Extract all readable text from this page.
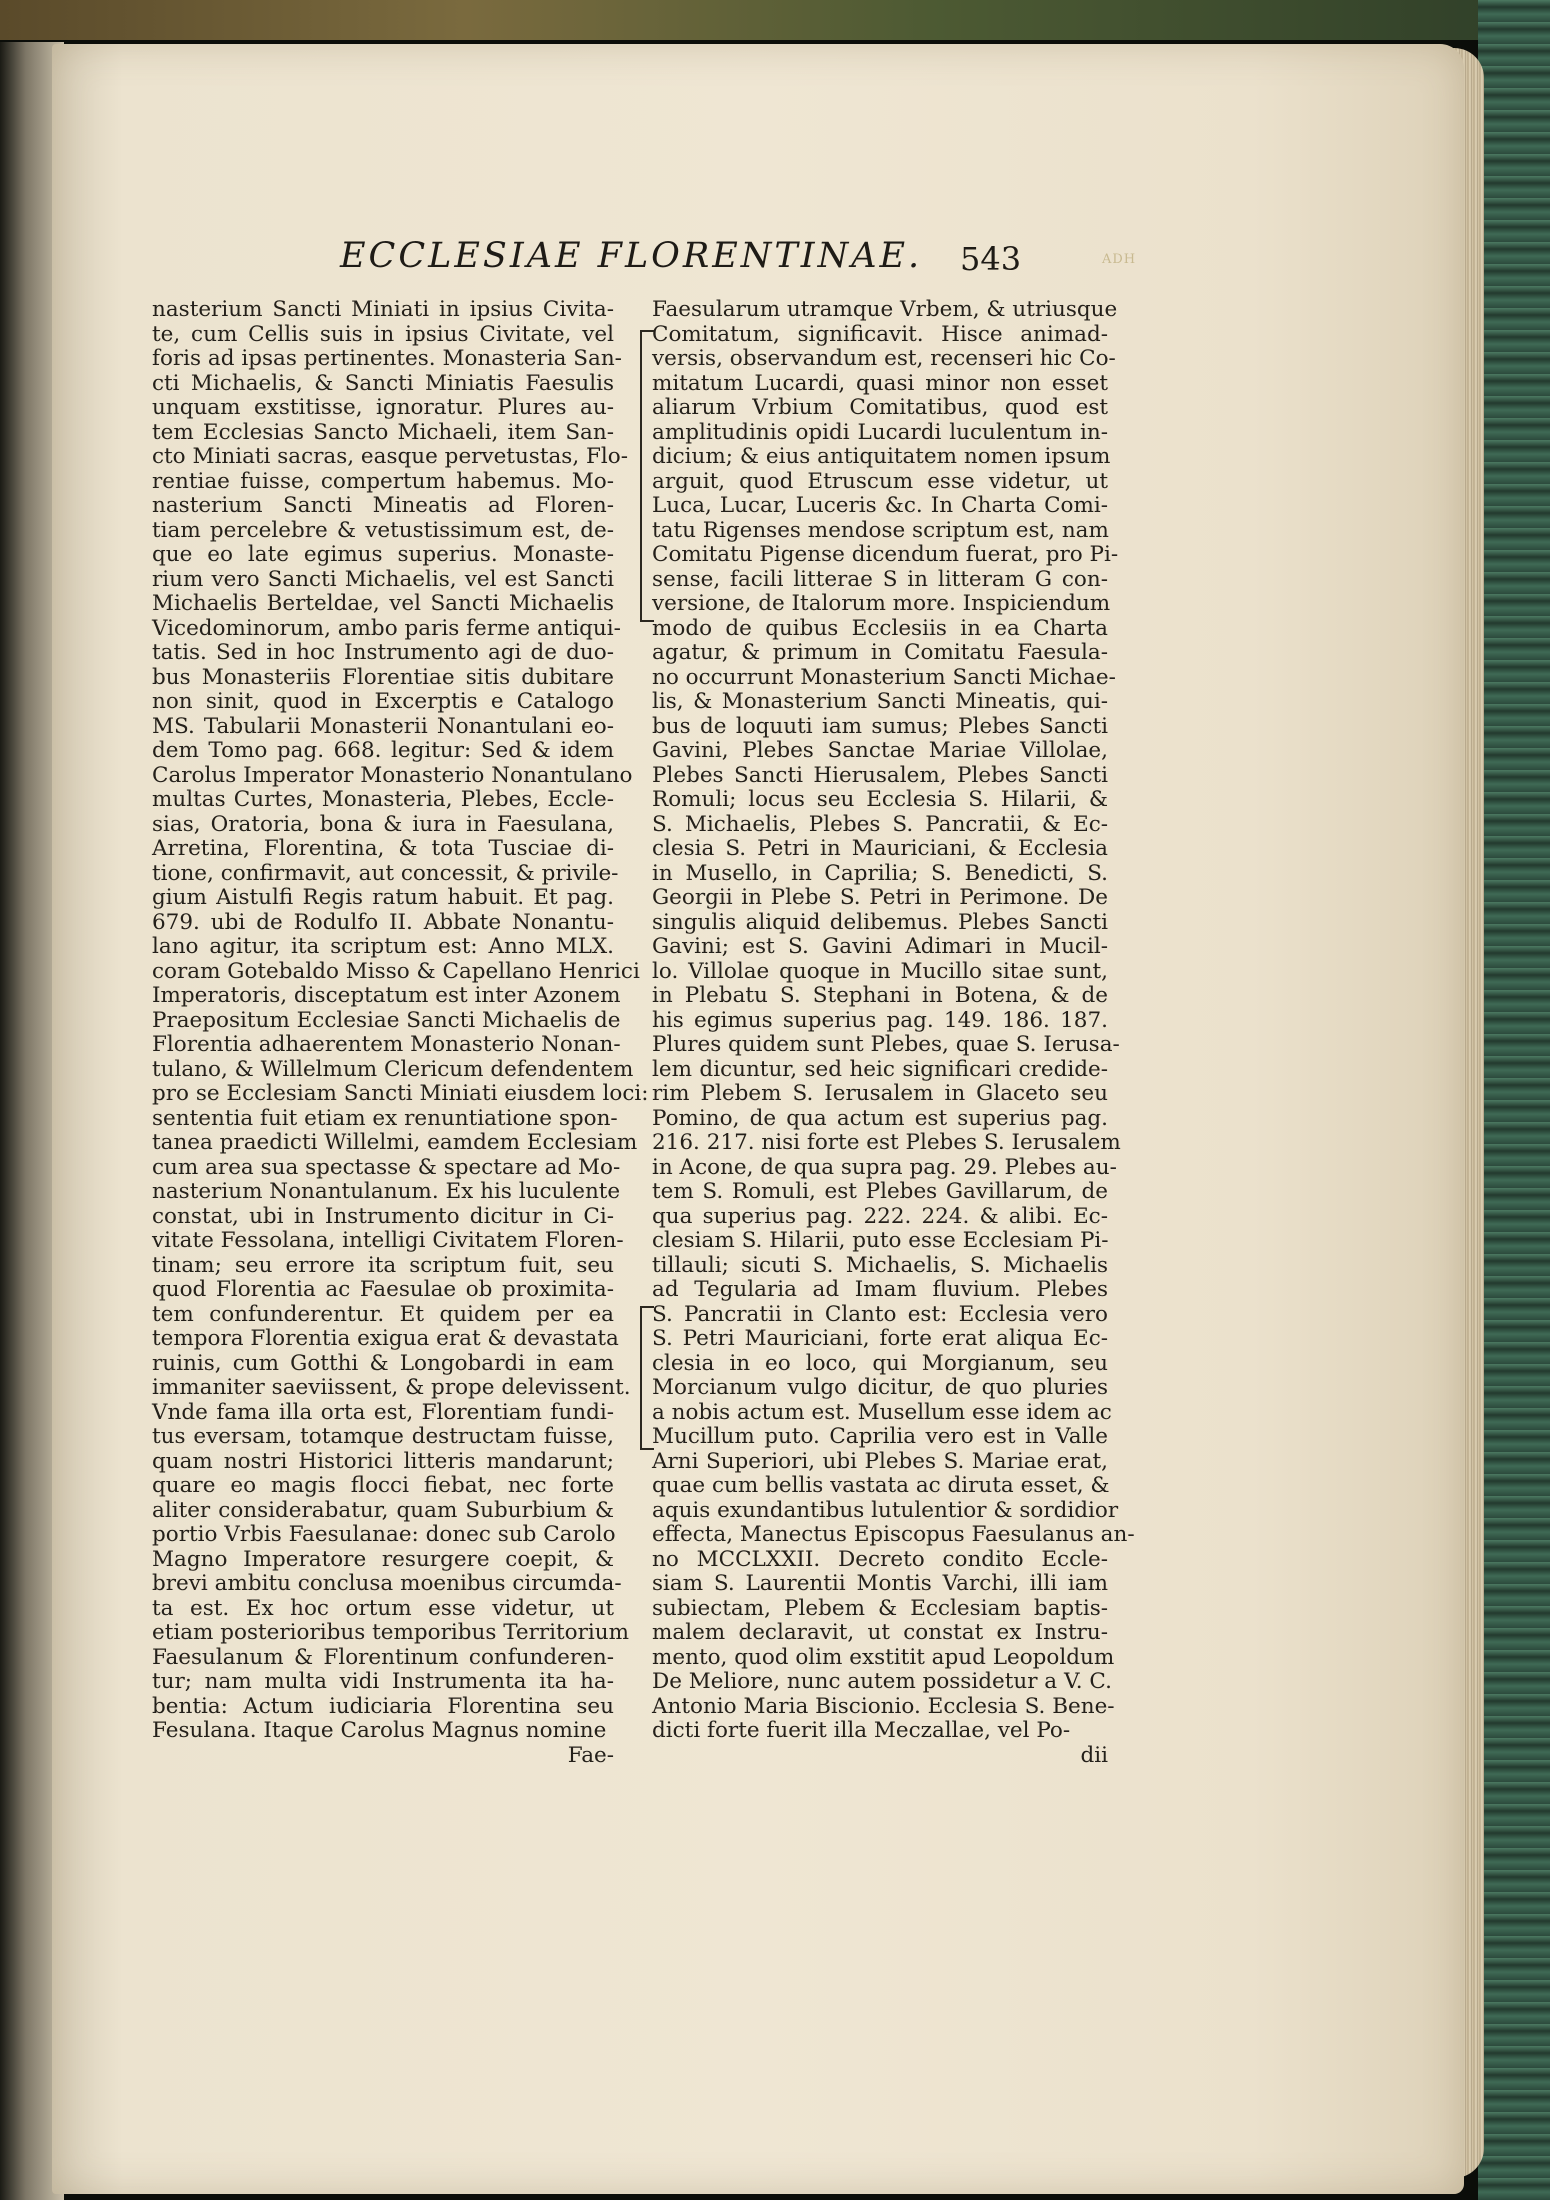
ECCLESIAE FLORENTINAE.	543	ADH
nasterium Sancti Miniati in ipsius Civita-
te, cum Cellis suis in ipsius Civitate, vel
foris ad ipsas pertinentes. Monasteria San-
cti Michaelis, & Sancti Miniatis Faesulis
unquam exstitisse, ignoratur. Plures au-
tem Ecclesias Sancto Michaeli, item San-
cto Miniati sacras, easque pervetustas, Flo-
rentiae fuisse, compertum habemus. Mo-
nasterium Sancti Mineatis ad Floren-
tiam percelebre & vetustissimum est, de-
que eo late egimus superius. Monaste-
rium vero Sancti Michaelis, vel est Sancti
Michaelis Berteldae, vel Sancti Michaelis
Vicedominorum, ambo paris ferme antiqui-
tatis. Sed in hoc Instrumento agi de duo-
bus Monasteriis Florentiae sitis dubitare
non sinit, quod in Excerptis e Catalogo
MS. Tabularii Monasterii Nonantulani eo-
dem Tomo pag. 668. legitur: Sed & idem
Carolus Imperator Monasterio Nonantulano
multas Curtes, Monasteria, Plebes, Eccle-
sias, Oratoria, bona & iura in Faesulana,
Arretina, Florentina, & tota Tusciae di-
tione, confirmavit, aut concessit, & privile-
gium Aistulfi Regis ratum habuit. Et pag.
679. ubi de Rodulfo II. Abbate Nonantu-
lano agitur, ita scriptum est: Anno MLX.
coram Gotebaldo Misso & Capellano Henrici
Imperatoris, disceptatum est inter Azonem
Praepositum Ecclesiae Sancti Michaelis de
Florentia adhaerentem Monasterio Nonan-
tulano, & Willelmum Clericum defendentem
pro se Ecclesiam Sancti Miniati eiusdem loci:
sententia fuit etiam ex renuntiatione spon-
tanea praedicti Willelmi, eamdem Ecclesiam
cum area sua spectasse & spectare ad Mo-
nasterium Nonantulanum. Ex his luculente
constat, ubi in Instrumento dicitur in Ci-
vitate Fessolana, intelligi Civitatem Floren-
tinam; seu errore ita scriptum fuit, seu
quod Florentia ac Faesulae ob proximita-
tem confunderentur. Et quidem per ea
tempora Florentia exigua erat & devastata
ruinis, cum Gotthi & Longobardi in eam
immaniter saeviissent, & prope delevissent.
Vnde fama illa orta est, Florentiam fundi-
tus eversam, totamque destructam fuisse,
quam nostri Historici litteris mandarunt;
quare eo magis flocci fiebat, nec forte
aliter considerabatur, quam Suburbium &
portio Vrbis Faesulanae: donec sub Carolo
Magno Imperatore resurgere coepit, &
brevi ambitu conclusa moenibus circumda-
ta est. Ex hoc ortum esse videtur, ut
etiam posterioribus temporibus Territorium
Faesulanum & Florentinum confunderen-
tur; nam multa vidi Instrumenta ita ha-
bentia: Actum iudiciaria Florentina seu
Fesulana. Itaque Carolus Magnus nomine
Fae-
Faesularum utramque Vrbem, & utriusque
Comitatum, significavit. Hisce animad-
versis, observandum est, recenseri hic Co-
mitatum Lucardi, quasi minor non esset
aliarum Vrbium Comitatibus, quod est
amplitudinis opidi Lucardi luculentum in-
dicium; & eius antiquitatem nomen ipsum
arguit, quod Etruscum esse videtur, ut
Luca, Lucar, Luceris &c. In Charta Comi-
tatu Rigenses mendose scriptum est, nam
Comitatu Pigense dicendum fuerat, pro Pi-
sense, facili litterae S in litteram G con-
versione, de Italorum more. Inspiciendum
modo de quibus Ecclesiis in ea Charta
agatur, & primum in Comitatu Faesula-
no occurrunt Monasterium Sancti Michae-
lis, & Monasterium Sancti Mineatis, qui-
bus de loquuti iam sumus; Plebes Sancti
Gavini, Plebes Sanctae Mariae Villolae,
Plebes Sancti Hierusalem, Plebes Sancti
Romuli; locus seu Ecclesia S. Hilarii, &
S. Michaelis, Plebes S. Pancratii, & Ec-
clesia S. Petri in Mauriciani, & Ecclesia
in Musello, in Caprilia; S. Benedicti, S.
Georgii in Plebe S. Petri in Perimone. De
singulis aliquid delibemus. Plebes Sancti
Gavini; est S. Gavini Adimari in Mucil-
lo. Villolae quoque in Mucillo sitae sunt,
in Plebatu S. Stephani in Botena, & de
his egimus superius pag. 149. 186. 187.
Plures quidem sunt Plebes, quae S. Ierusa-
lem dicuntur, sed heic significari credide-
rim Plebem S. Ierusalem in Glaceto seu
Pomino, de qua actum est superius pag.
216. 217. nisi forte est Plebes S. Ierusalem
in Acone, de qua supra pag. 29. Plebes au-
tem S. Romuli, est Plebes Gavillarum, de
qua superius pag. 222. 224. & alibi. Ec-
clesiam S. Hilarii, puto esse Ecclesiam Pi-
tillauli; sicuti S. Michaelis, S. Michaelis
ad Tegularia ad Imam fluvium. Plebes
S. Pancratii in Clanto est: Ecclesia vero
S. Petri Mauriciani, forte erat aliqua Ec-
clesia in eo loco, qui Morgianum, seu
Morcianum vulgo dicitur, de quo pluries
a nobis actum est. Musellum esse idem ac
Mucillum puto. Caprilia vero est in Valle
Arni Superiori, ubi Plebes S. Mariae erat,
quae cum bellis vastata ac diruta esset, &
aquis exundantibus lutulentior & sordidior
effecta, Manectus Episcopus Faesulanus an-
no MCCLXXII. Decreto condito Eccle-
siam S. Laurentii Montis Varchi, illi iam
subiectam, Plebem & Ecclesiam baptis-
malem declaravit, ut constat ex Instru-
mento, quod olim exstitit apud Leopoldum
De Meliore, nunc autem possidetur a V. C.
Antonio Maria Biscionio. Ecclesia S. Bene-
dicti forte fuerit illa Meczallae, vel Po-
dii
